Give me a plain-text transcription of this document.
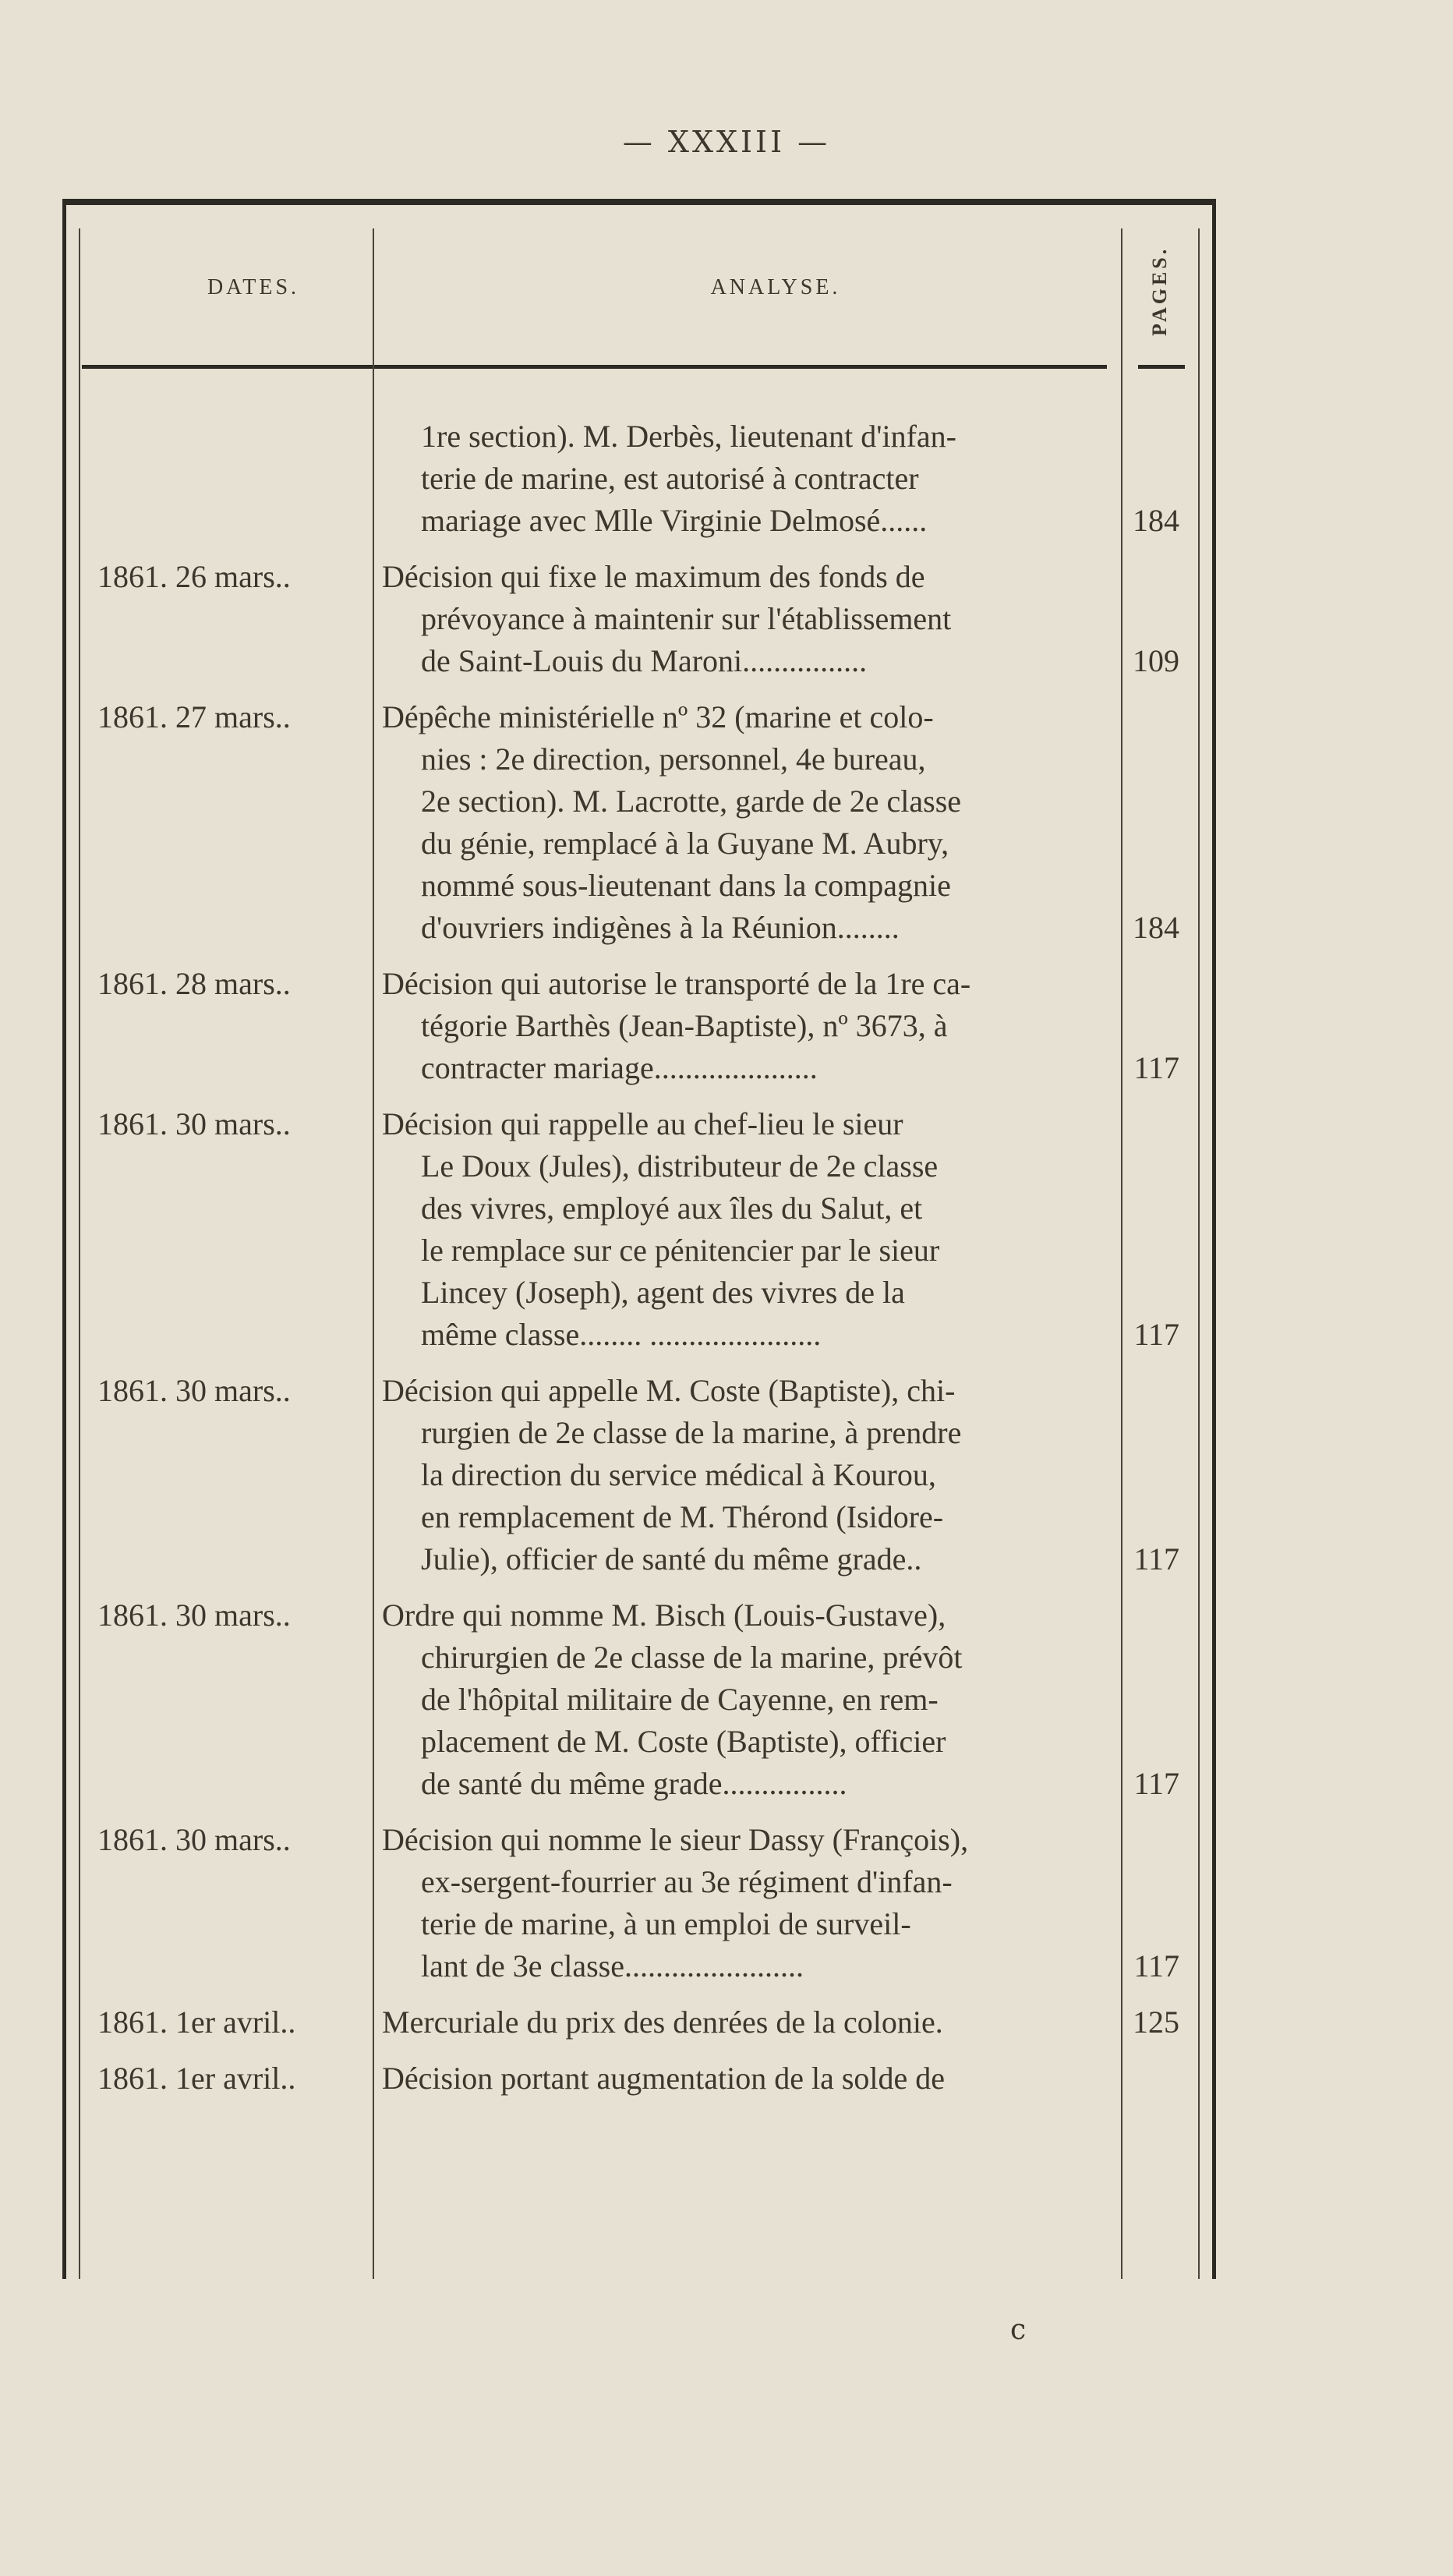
— XXXIII —
DATES.	ANALYSE.	PAGES.
1re section). M. Derbès, lieutenant d'infan-
terie de marine, est autorisé à contracter
mariage avec Mlle Virginie Delmosé......	184
1861. 26 mars..	Décision qui fixe le maximum des fonds de
prévoyance à maintenir sur l'établissement
de Saint-Louis du Maroni................	109
1861. 27 mars..	Dépêche ministérielle nº 32 (marine et colo-
nies : 2e direction, personnel, 4e bureau,
2e section). M. Lacrotte, garde de 2e classe
du génie, remplacé à la Guyane M. Aubry,
nommé sous-lieutenant dans la compagnie
d'ouvriers indigènes à la Réunion........	184
1861. 28 mars..	Décision qui autorise le transporté de la 1re ca-
tégorie Barthès (Jean-Baptiste), nº 3673, à
contracter mariage.....................	117
1861. 30 mars..	Décision qui rappelle au chef-lieu le sieur
Le Doux (Jules), distributeur de 2e classe
des vivres, employé aux îles du Salut, et
le remplace sur ce pénitencier par le sieur
Lincey (Joseph), agent des vivres de la
même classe........ ......................	117
1861. 30 mars..	Décision qui appelle M. Coste (Baptiste), chi-
rurgien de 2e classe de la marine, à prendre
la direction du service médical à Kourou,
en remplacement de M. Thérond (Isidore-
Julie), officier de santé du même grade..	117
1861. 30 mars..	Ordre qui nomme M. Bisch (Louis-Gustave),
chirurgien de 2e classe de la marine, prévôt
de l'hôpital militaire de Cayenne, en rem-
placement de M. Coste (Baptiste), officier
de santé du même grade................	117
1861. 30 mars..	Décision qui nomme le sieur Dassy (François),
ex-sergent-fourrier au 3e régiment d'infan-
terie de marine, à un emploi de surveil-
lant de 3e classe.......................	117
1861. 1er avril..	Mercuriale du prix des denrées de la colonie.	125
1861. 1er avril..	Décision portant augmentation de la solde de
c
